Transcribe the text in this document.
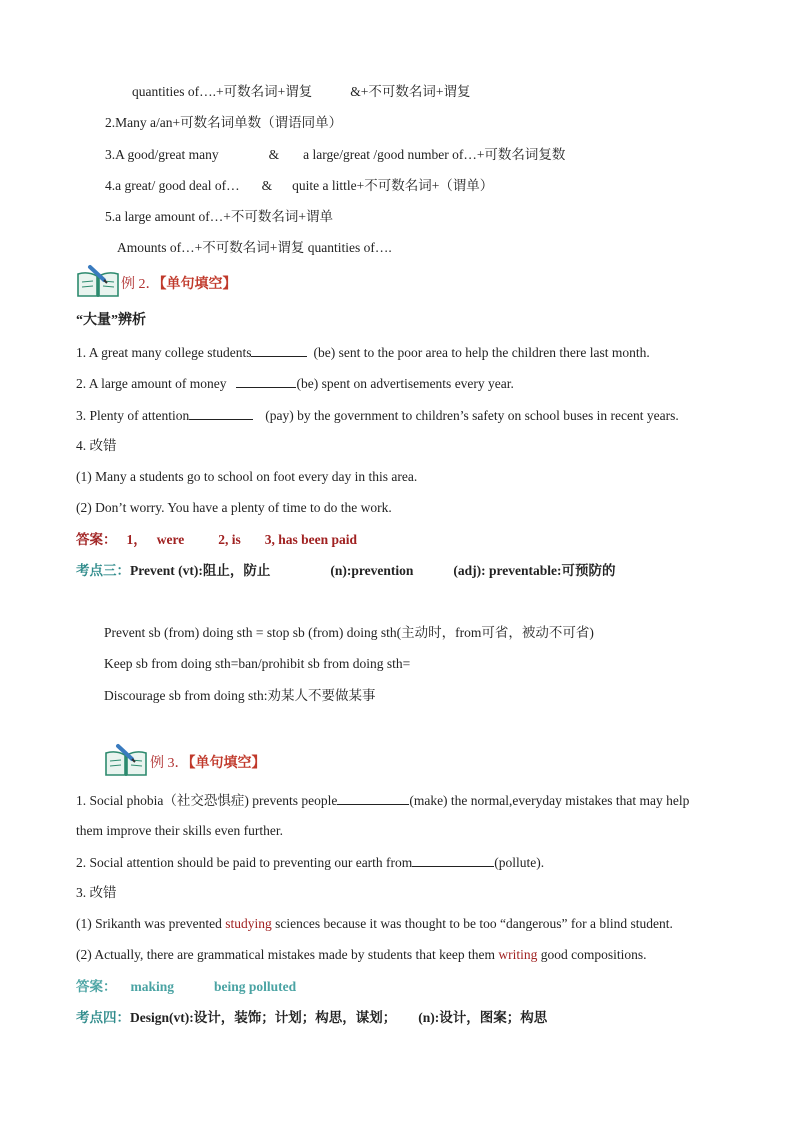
quantities of….+可数名词+谓复	&+不可数名词+谓复
2.Many a/an+可数名词单数（谓语同单）
3.A good/great many	& a large/great /good number of…+可数名词复数
4.a great/ good deal of… & quite a little+不可数名词+（谓单）
5.a large amount of…+不可数名词+谓单
Amounts of…+不可数名词+谓复 quantities of….
例 2．【单句填空】
“大量”辨析
1. A great many college students	(be) sent to the poor area to help the children there last month.
2. A large amount of money	(be) spent on advertisements every year.
3. Plenty of attention	(pay) by the government to children’s safety on school buses in recent years.
4. 改错
(1) Many a students go to school on foot every day in this area.
(2) Don’t worry. You have a plenty of time to do the work.
答案： 1， were	2, is 3, has been paid
考点三：Prevent (vt):阻止，防止	(n):prevention	(adj): preventable:可预防的
Prevent sb (from) doing sth = stop sb (from) doing sth(主动时，from可省，被动不可省)
Keep sb from doing sth=ban/prohibit sb from doing sth=
Discourage sb from doing sth:劝某人不要做某事
例 3．【单句填空】
1. Social phobia（社交恐惧症) prevents people	(make) the normal,everyday mistakes that may help
them improve their skills even further.
2. Social attention should be paid to preventing our earth from	(pollute).
3. 改错
(1) Srikanth was prevented studying sciences because it was thought to be too “dangerous” for a blind student.
(2) Actually, there are grammatical mistakes made by students that keep them writing good compositions.
答案： making	being polluted
考点四：Design(vt):设计，装饰；计划；构思，谋划； (n):设计，图案；构思
